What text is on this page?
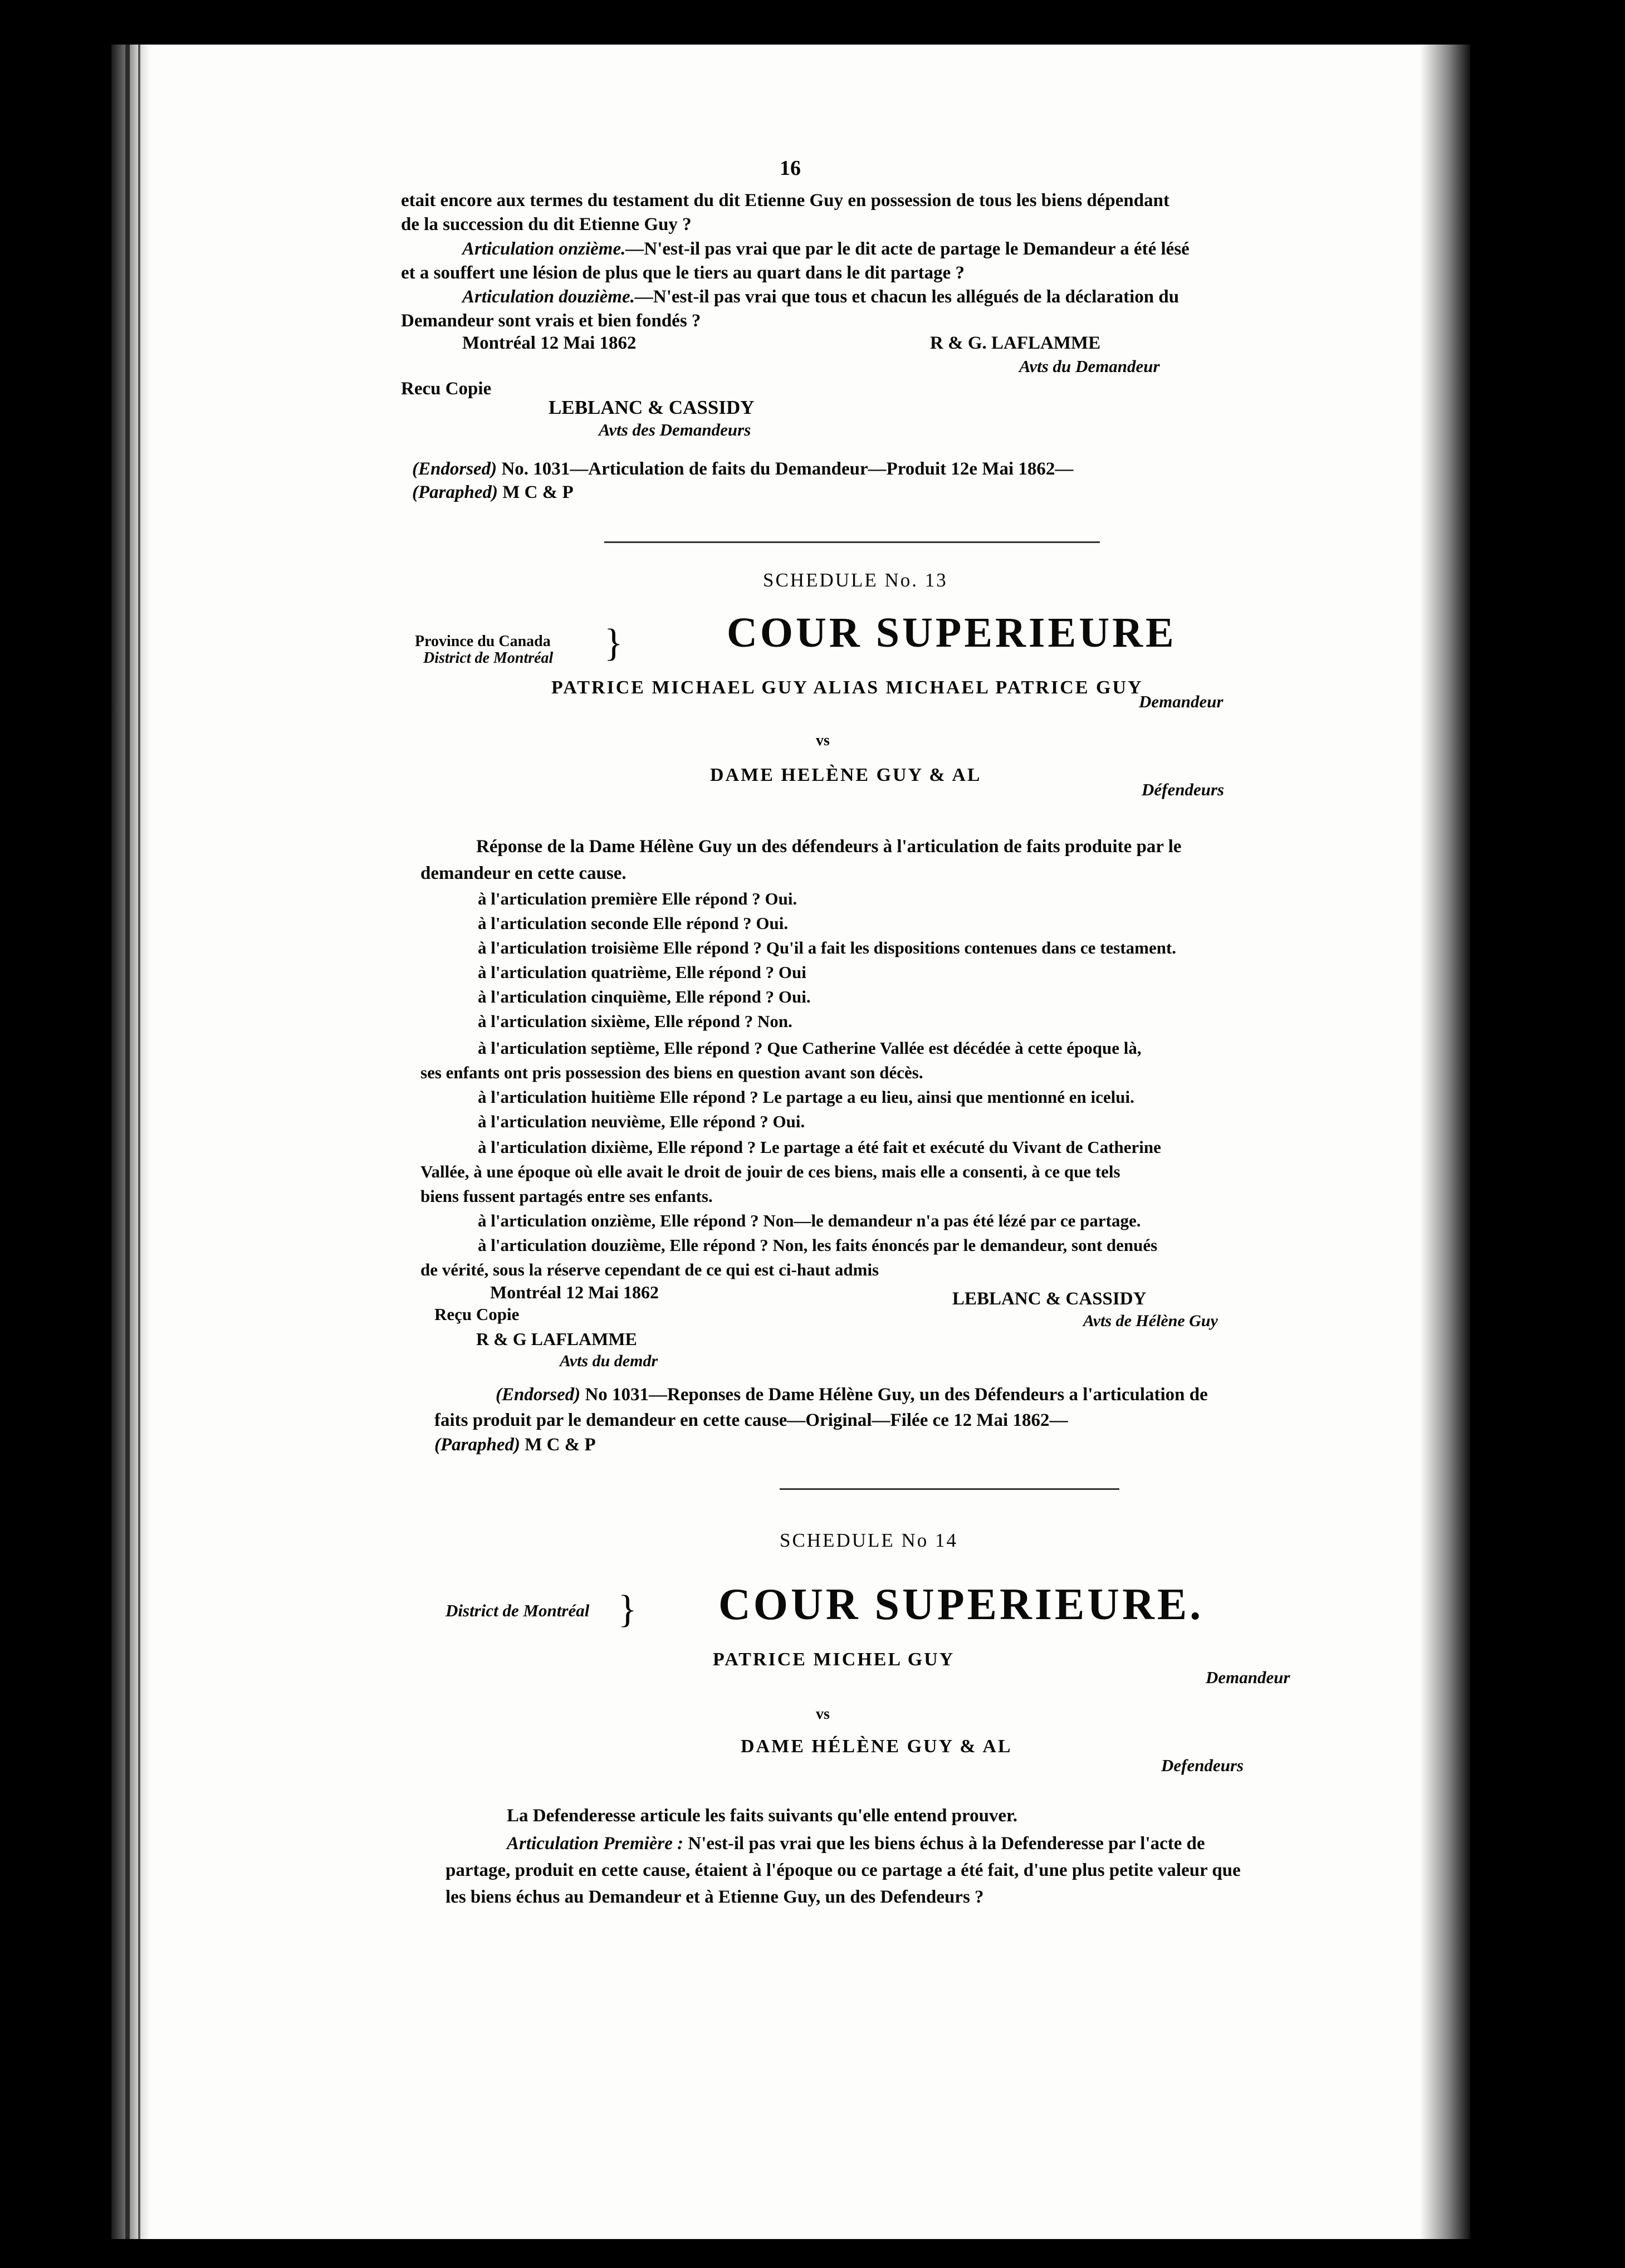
16
etait encore aux termes du testament du dit Etienne Guy en possession de tous les biens dépendant
de la succession du dit Etienne Guy ?
Articulation onzième.—N'est-il pas vrai que par le dit acte de partage le Demandeur a été lésé
et a souffert une lésion de plus que le tiers au quart dans le dit partage ?
Articulation douzième.—N'est-il pas vrai que tous et chacun les allégués de la déclaration du
Demandeur sont vrais et bien fondés ?
Montréal 12 Mai 1862	R & G. LAFLAMME
Avts du Demandeur
Recu Copie
LEBLANC & CASSIDY
Avts des Demandeurs
(Endorsed) No. 1031—Articulation de faits du Demandeur—Produit 12e Mai 1862—
(Paraphed) M C & P
SCHEDULE No. 13
Province du Canada
District de Montréal } COUR SUPERIEURE
PATRICE MICHAEL GUY ALIAS MICHAEL PATRICE GUY
Demandeur
vs
DAME HELÈNE GUY & AL
Défendeurs
Réponse de la Dame Hélène Guy un des défendeurs à l'articulation de faits produite par le
demandeur en cette cause.
à l'articulation première Elle répond ? Oui.
à l'articulation seconde Elle répond ? Oui.
à l'articulation troisième Elle répond ? Qu'il a fait les dispositions contenues dans ce testament.
à l'articulation quatrième, Elle répond ? Oui
à l'articulation cinquième, Elle répond ? Oui.
à l'articulation sixième, Elle répond ? Non.
à l'articulation septième, Elle répond ? Que Catherine Vallée est décédée à cette époque là,
ses enfants ont pris possession des biens en question avant son décès.
à l'articulation huitième Elle répond ? Le partage a eu lieu, ainsi que mentionné en icelui.
à l'articulation neuvième, Elle répond ? Oui.
à l'articulation dixième, Elle répond ? Le partage a été fait et exécuté du Vivant de Catherine
Vallée, à une époque où elle avait le droit de jouir de ces biens, mais elle a consenti, à ce que tels
biens fussent partagés entre ses enfants.
à l'articulation onzième, Elle répond ? Non—le demandeur n'a pas été lézé par ce partage.
à l'articulation douzième, Elle répond ? Non, les faits énoncés par le demandeur, sont denués
de vérité, sous la réserve cependant de ce qui est ci-haut admis
Montréal 12 Mai 1862	LEBLANC & CASSIDY
Avts de Hélène Guy
Reçu Copie
R & G LAFLAMME
Avts du demdr
(Endorsed) No 1031—Reponses de Dame Hélène Guy, un des Défendeurs a l'articulation de
faits produit par le demandeur en cette cause—Original—Filée ce 12 Mai 1862—
(Paraphed) M C & P
SCHEDULE No 14
District de Montréal } COUR SUPERIEURE.
PATRICE MICHEL GUY
Demandeur
vs
DAME HÉLÈNE GUY & AL
Defendeurs
La Defenderesse articule les faits suivants qu'elle entend prouver.
Articulation Première : N'est-il pas vrai que les biens échus à la Defenderesse par l'acte de
partage, produit en cette cause, étaient à l'époque ou ce partage a été fait, d'une plus petite valeur que
les biens échus au Demandeur et à Etienne Guy, un des Defendeurs ?
